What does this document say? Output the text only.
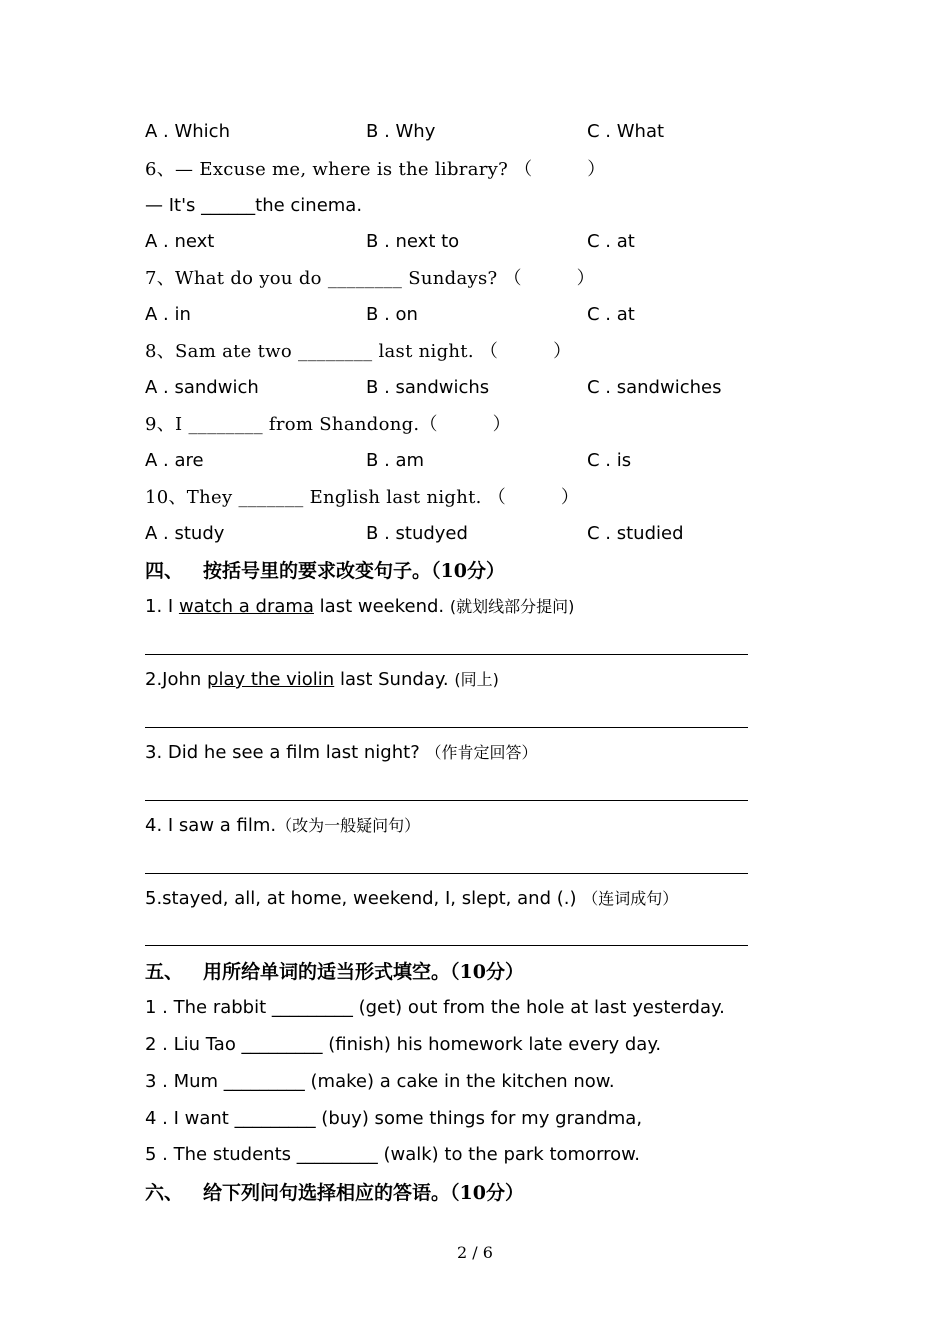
A . Which	B . Why	C . What
6、— Excuse me, where is the library? （　　　）
— It's ______the cinema.
A . next	B . next to	C . at
7、What do you do ________ Sundays? （　　　）
A . in	B . on	C . at
8、Sam ate two ________ last night. （　　　）
A . sandwich	B . sandwichs	C . sandwiches
9、I ________ from Shandong.（　　　）
A . are	B . am	C . is
10、They _______ English last night. （　　　）
A . study	B . studyed	C . studied
四、 按括号里的要求改变句子。（10分）
1. I watch a drama last weekend. (就划线部分提问)
2.John play the violin last Sunday. (同上)
3. Did he see a film last night? （作肯定回答）
4. I saw a film.（改为一般疑问句）
5.stayed, all, at home, weekend, I, slept, and (.) （连词成句）
五、 用所给单词的适当形式填空。（10分）
1 . The rabbit _________ (get) out from the hole at last yesterday.
2 . Liu Tao _________ (finish) his homework late every day.
3 . Mum _________ (make) a cake in the kitchen now.
4 . I want _________ (buy) some things for my grandma,
5 . The students _________ (walk) to the park tomorrow.
六、 给下列问句选择相应的答语。（10分）
2 / 6
